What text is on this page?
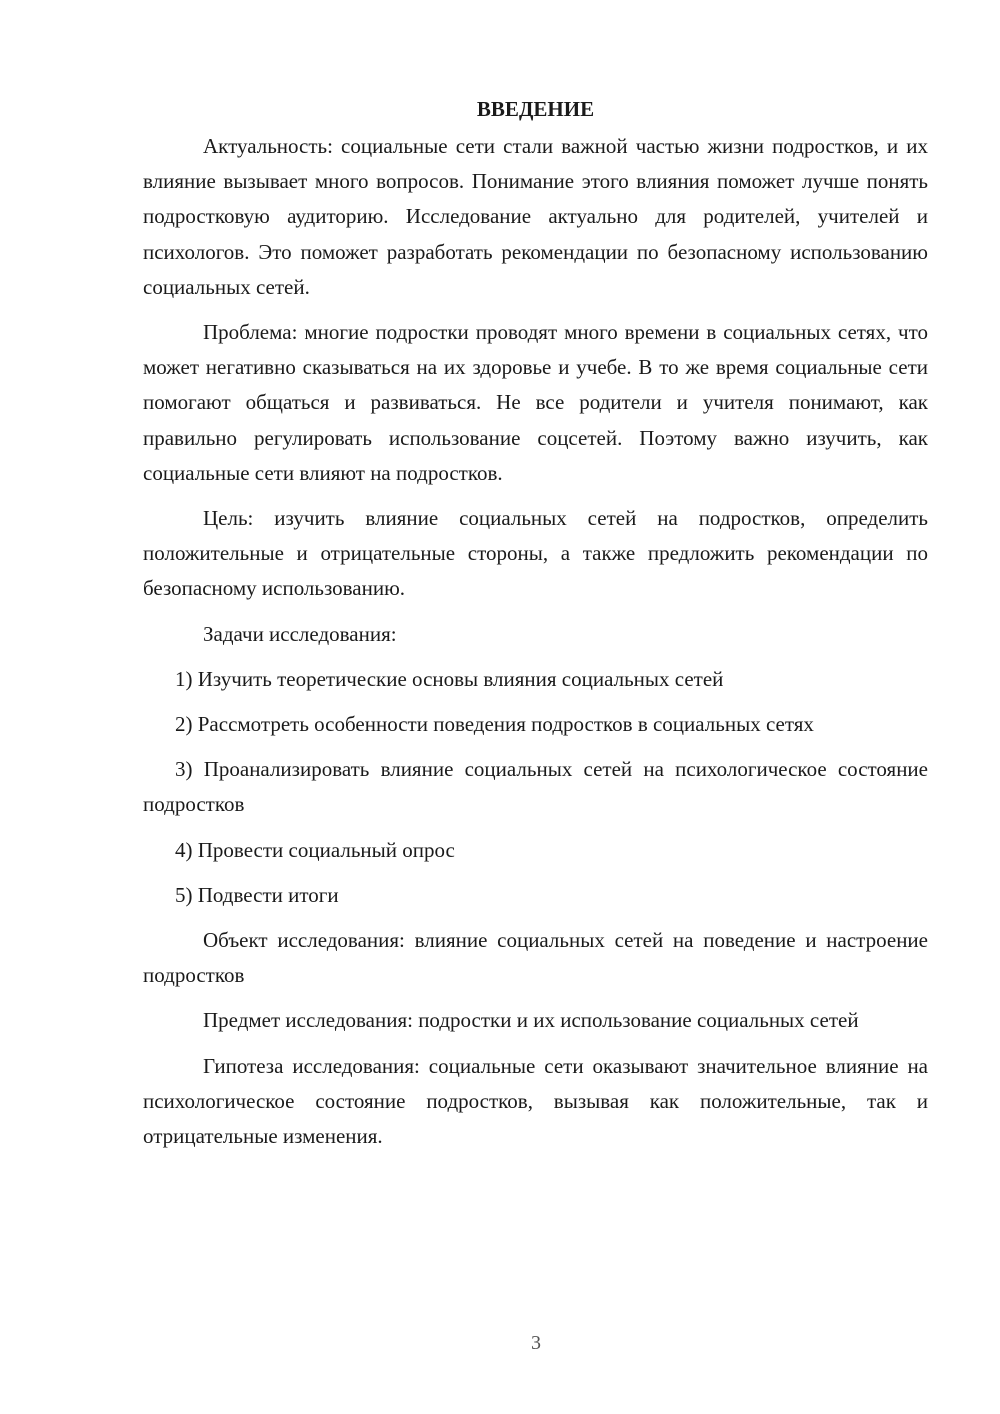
ВВЕДЕНИЕ

Актуальность: социальные сети стали важной частью жизни подростков, и их влияние вызывает много вопросов. Понимание этого влияния поможет лучше понять подростковую аудиторию. Исследование актуально для родителей, учителей и психологов. Это поможет разработать рекомендации по безопасному использованию социальных сетей.

Проблема: многие подростки проводят много времени в социальных сетях, что может негативно сказываться на их здоровье и учебе. В то же время социальные сети помогают общаться и развиваться. Не все родители и учителя понимают, как правильно регулировать использование соцсетей. Поэтому важно изучить, как социальные сети влияют на подростков.

Цель: изучить влияние социальных сетей на подростков, определить положительные и отрицательные стороны, а также предложить рекомендации по безопасному использованию.

Задачи исследования:

1) Изучить теоретические основы влияния социальных сетей

2) Рассмотреть особенности поведения подростков в социальных сетях

3) Проанализировать влияние социальных сетей на психологическое состояние подростков

4) Провести социальный опрос

5) Подвести итоги

Объект исследования: влияние социальных сетей на поведение и настроение подростков

Предмет исследования: подростки и их использование социальных сетей

Гипотеза исследования: социальные сети оказывают значительное влияние на психологическое состояние подростков, вызывая как положительные, так и отрицательные изменения.

3
